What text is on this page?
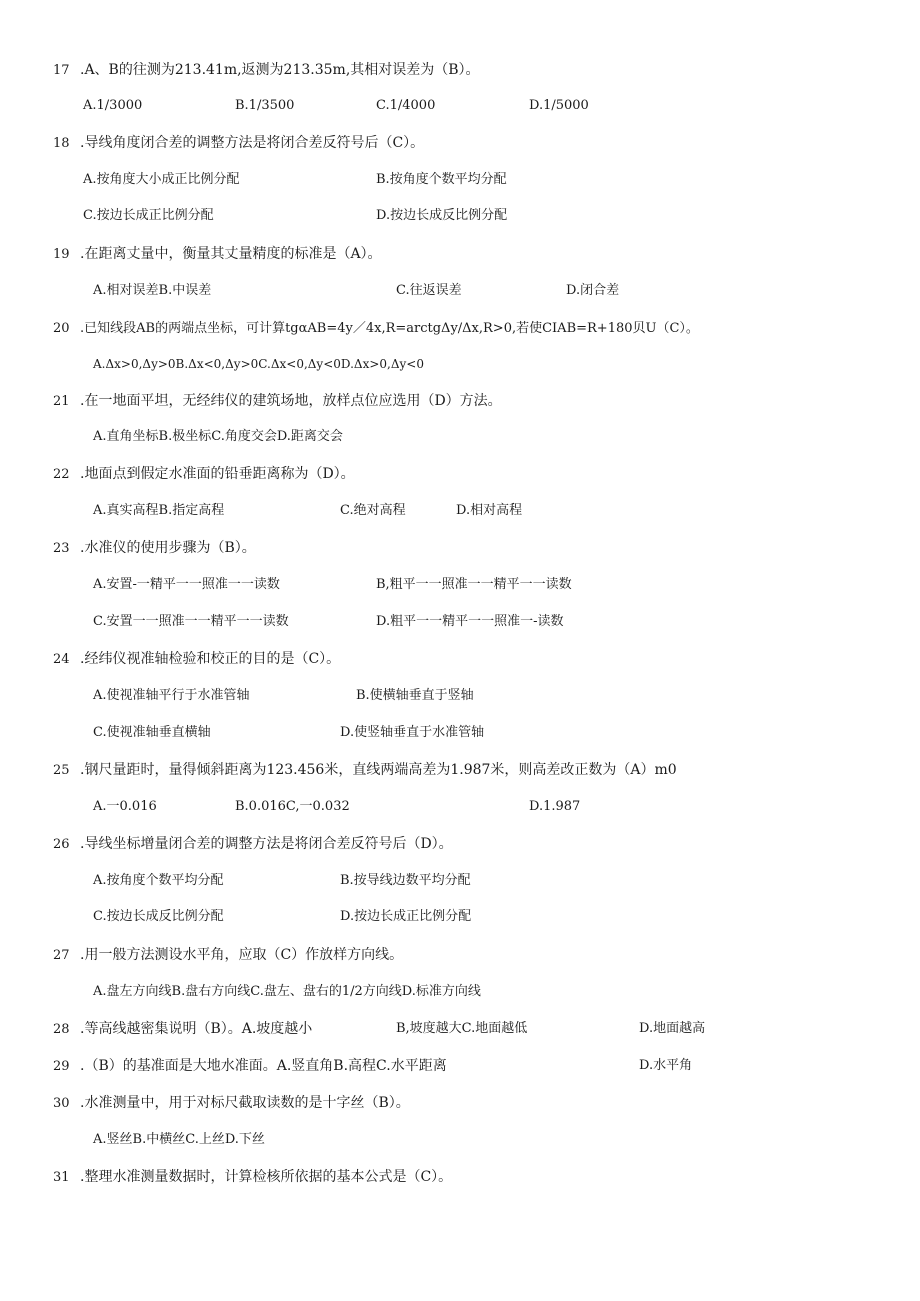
17 .A、B的往测为213.41m,返测为213.35m,其相对误差为（B）。
A.1/3000	B.1/3500	C.1/4000	D.1/5000
18 .导线角度闭合差的调整方法是将闭合差反符号后（C）。
A.按角度大小成正比例分配	B.按角度个数平均分配
C.按边长成正比例分配	D.按边长成反比例分配
19 .在距离丈量中，衡量其丈量精度的标准是（A）。
A.相对误差B.中误差	C.往返误差	D.闭合差
20 .已知线段AB的两端点坐标，可计算tgαAB=4y／4x,R=arctgΔy/Δx,R>0,若使CIAB=R+180贝U（C）。
A.Δx>0,Δy>0B.Δx<0,Δy>0C.Δx<0,Δy<0D.Δx>0,Δy<0
21 .在一地面平坦，无经纬仪的建筑场地，放样点位应选用（D）方法。
A.直角坐标B.极坐标C.角度交会D.距离交会
22 .地面点到假定水准面的铅垂距离称为（D）。
A.真实高程B.指定高程	C.绝对高程	D.相对高程
23 .水准仪的使用步骤为（B）。
A.安置-一精平一一照准一一读数	B,粗平一一照准一一精平一一读数
C.安置一一照准一一精平一一读数	D.粗平一一精平一一照准一-读数
24 .经纬仪视准轴检验和校正的目的是（C）。
A.使视准轴平行于水准管轴	B.使横轴垂直于竖轴
C.使视准轴垂直横轴	D.使竖轴垂直于水准管轴
25 .钢尺量距时，量得倾斜距离为123.456米，直线两端高差为1.987米，则高差改正数为（A）m0
A.一0.016	B.0.016C,一0.032	D.1.987
26 .导线坐标增量闭合差的调整方法是将闭合差反符号后（D）。
A.按角度个数平均分配	B.按导线边数平均分配
C.按边长成反比例分配	D.按边长成正比例分配
27 .用一般方法测设水平角，应取（C）作放样方向线。
A.盘左方向线B.盘右方向线C.盘左、盘右的1/2方向线D.标准方向线
28 .等高线越密集说明（B）。A.坡度越小	B,坡度越大C.地面越低	D.地面越高
29 .（B）的基准面是大地水准面。A.竖直角B.高程C.水平距离	D.水平角
30 .水准测量中，用于对标尺截取读数的是十字丝（B）。
A.竖丝B.中横丝C.上丝D.下丝
31 .整理水准测量数据时，计算检核所依据的基本公式是（C）。
